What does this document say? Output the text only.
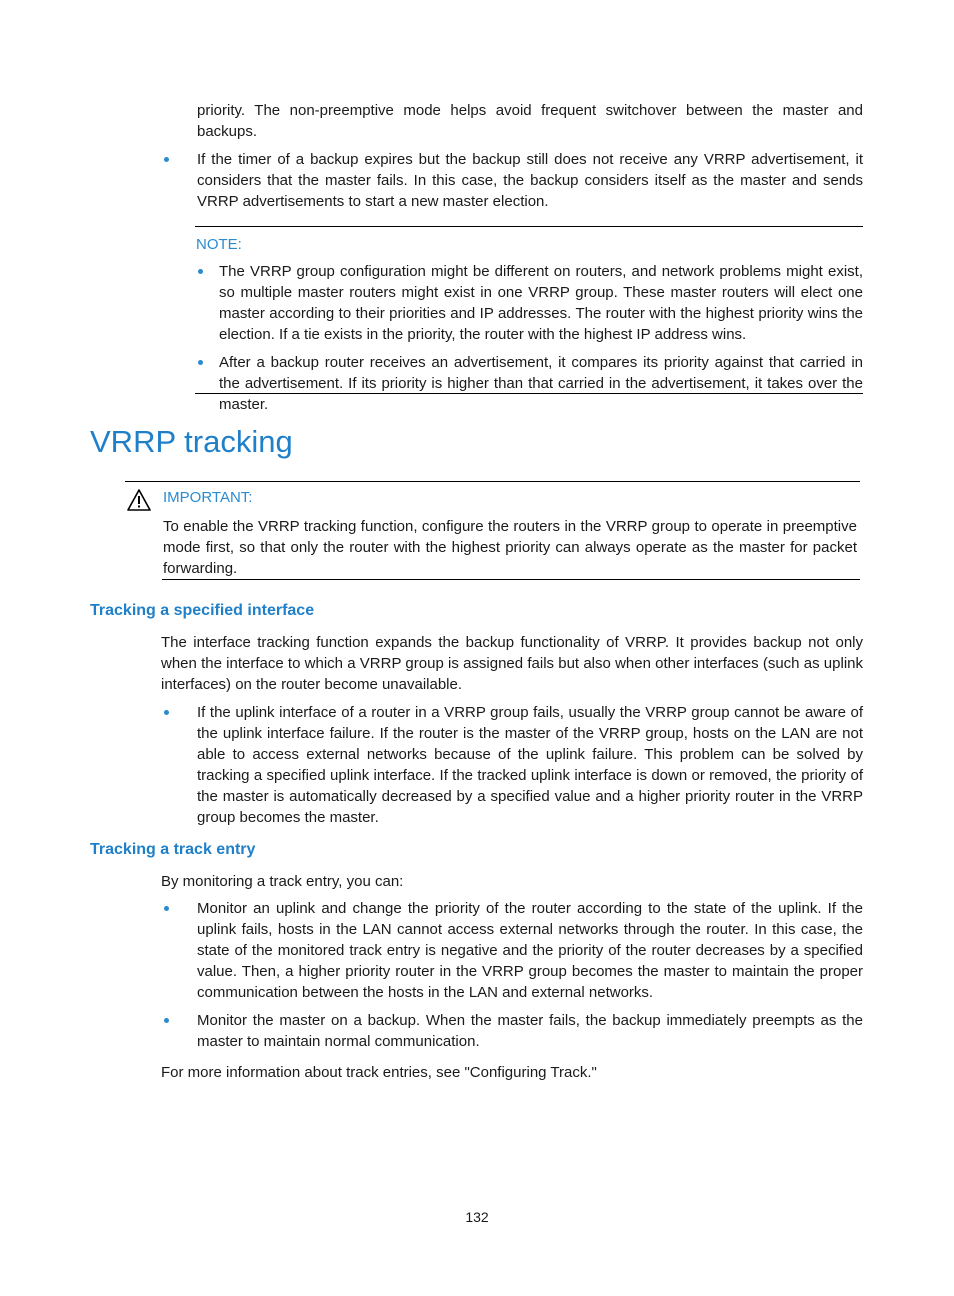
priority. The non-preemptive mode helps avoid frequent switchover between the master and backups.
If the timer of a backup expires but the backup still does not receive any VRRP advertisement, it considers that the master fails. In this case, the backup considers itself as the master and sends VRRP advertisements to start a new master election.
NOTE:
The VRRP group configuration might be different on routers, and network problems might exist, so multiple master routers might exist in one VRRP group. These master routers will elect one master according to their priorities and IP addresses. The router with the highest priority wins the election. If a tie exists in the priority, the router with the highest IP address wins.
After a backup router receives an advertisement, it compares its priority against that carried in the advertisement. If its priority is higher than that carried in the advertisement, it takes over the master.
VRRP tracking
IMPORTANT:
To enable the VRRP tracking function, configure the routers in the VRRP group to operate in preemptive mode first, so that only the router with the highest priority can always operate as the master for packet forwarding.
Tracking a specified interface
The interface tracking function expands the backup functionality of VRRP. It provides backup not only when the interface to which a VRRP group is assigned fails but also when other interfaces (such as uplink interfaces) on the router become unavailable.
If the uplink interface of a router in a VRRP group fails, usually the VRRP group cannot be aware of the uplink interface failure. If the router is the master of the VRRP group, hosts on the LAN are not able to access external networks because of the uplink failure. This problem can be solved by tracking a specified uplink interface. If the tracked uplink interface is down or removed, the priority of the master is automatically decreased by a specified value and a higher priority router in the VRRP group becomes the master.
Tracking a track entry
By monitoring a track entry, you can:
Monitor an uplink and change the priority of the router according to the state of the uplink. If the uplink fails, hosts in the LAN cannot access external networks through the router. In this case, the state of the monitored track entry is negative and the priority of the router decreases by a specified value. Then, a higher priority router in the VRRP group becomes the master to maintain the proper communication between the hosts in the LAN and external networks.
Monitor the master on a backup. When the master fails, the backup immediately preempts as the master to maintain normal communication.
For more information about track entries, see "Configuring Track."
132
